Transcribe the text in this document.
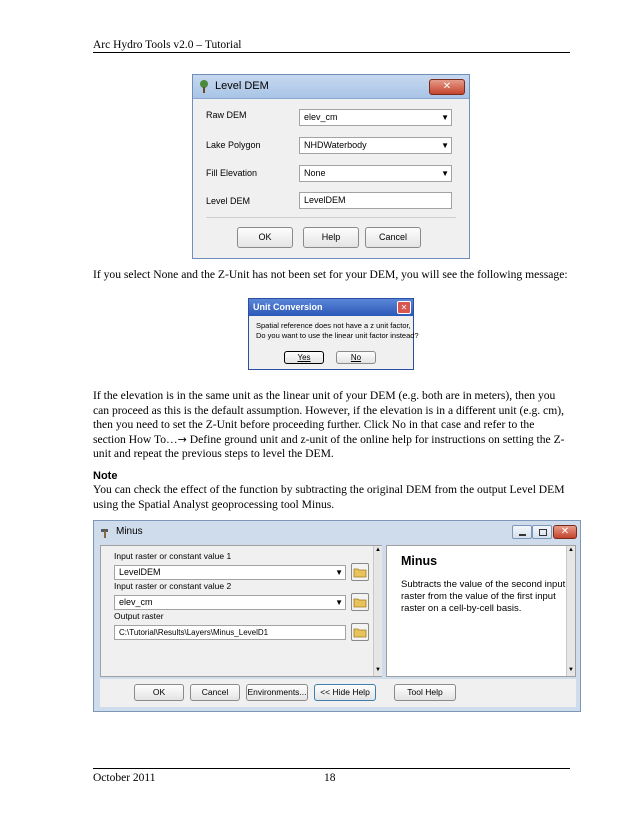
Arc Hydro Tools v2.0 – Tutorial
Level DEM	✕
Raw DEM	elev_cm	▼
Lake Polygon	NHDWaterbody	▼
Fill Elevation	None	▼
Level DEM	LevelDEM
OK	Help	Cancel
If you select None and the Z-Unit has not been set for your DEM, you will see the following message:
Unit Conversion	✕
Spatial reference does not have a z unit factor,
Do you want to use the linear unit factor instead?
Yes	No
If the elevation is in the same unit as the linear unit of your DEM (e.g. both are in meters), then you can proceed as this is the default assumption. However, if the elevation is in a different unit (e.g. cm), then you need to set the Z-Unit before proceeding further. Click No in that case and refer to the section How To…→ Define ground unit and z-unit of the online help for instructions on setting the Z-unit and repeat the previous steps to level the DEM.
Note
You can check the effect of the function by subtracting the original DEM from the output Level DEM using the Spatial Analyst geoprocessing tool Minus.
Minus	✕
Input raster or constant value 1
LevelDEM	▼
Input raster or constant value 2
elev_cm	▼
Output raster
C:\Tutorial\Results\Layers\Minus_LevelD1
▲
▼
Minus
Subtracts the value of the second input raster from the value of the first input raster on a cell-by-cell basis.
▲
▼
OK	Cancel	Environments...	<< Hide Help	Tool Help
October 2011	18
